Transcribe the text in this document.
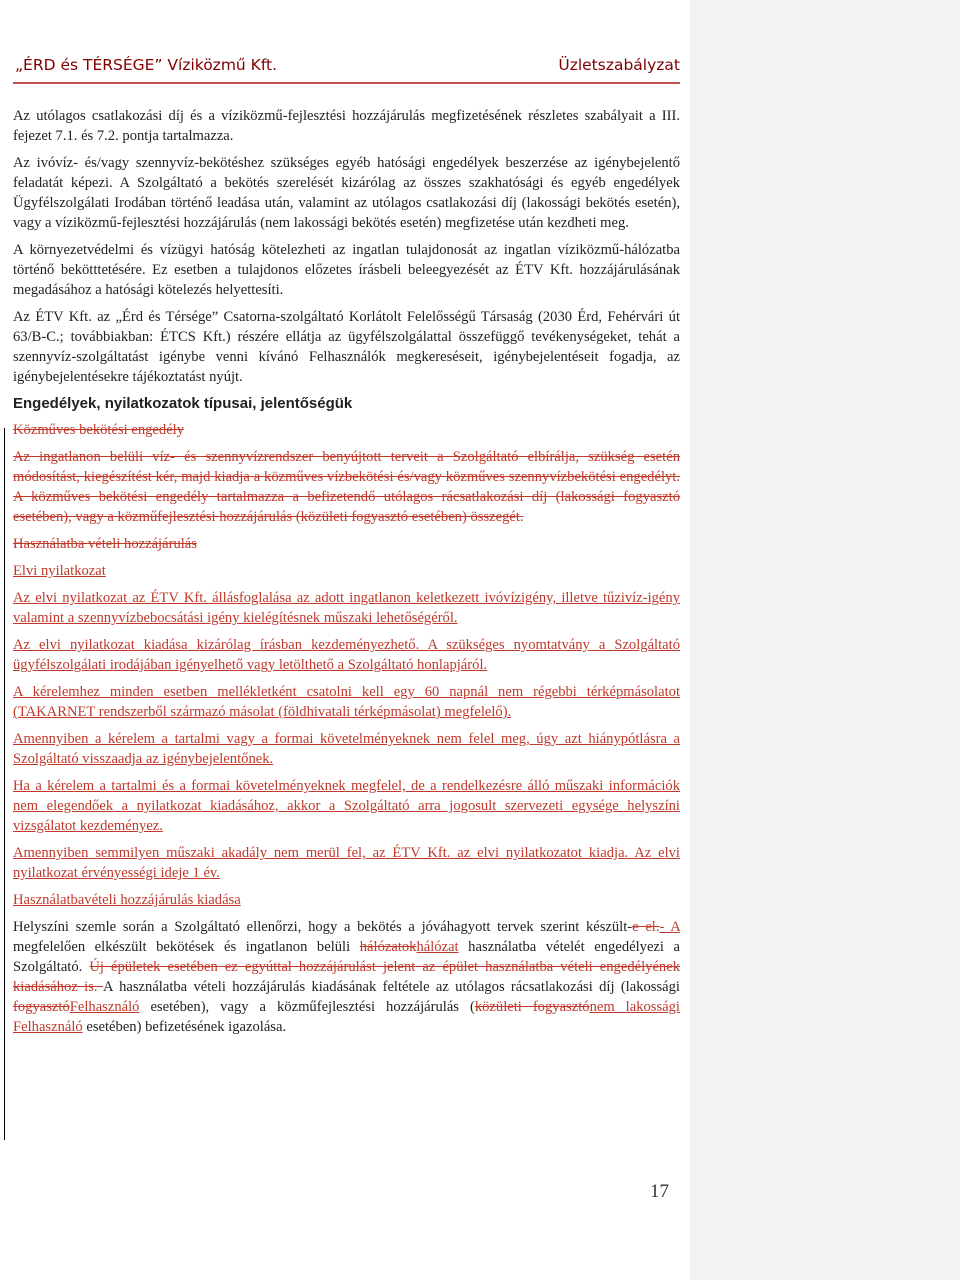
„ÉRD és TÉRSÉGE” Víziközmű Kft.	Üzletszabályzat

Az utólagos csatlakozási díj és a víziközmű-fejlesztési hozzájárulás megfizetésének részletes szabályait a III. fejezet 7.1. és 7.2. pontja tartalmazza.

Az ivóvíz- és/vagy szennyvíz-bekötéshez szükséges egyéb hatósági engedélyek beszerzése az igénybejelentő feladatát képezi. A Szolgáltató a bekötés szerelését kizárólag az összes szakhatósági és egyéb engedélyek Ügyfélszolgálati Irodában történő leadása után, valamint az utólagos csatlakozási díj (lakossági bekötés esetén), vagy a víziközmű-fejlesztési hozzájárulás (nem lakossági bekötés esetén) megfizetése után kezdheti meg.

A környezetvédelmi és vízügyi hatóság kötelezheti az ingatlan tulajdonosát az ingatlan víziközmű-hálózatba történő bekötttetésére. Ez esetben a tulajdonos előzetes írásbeli beleegyezését az ÉTV Kft. hozzájárulásának megadásához a hatósági kötelezés helyettesíti.

Az ÉTV Kft. az „Érd és Térsége” Csatorna-szolgáltató Korlátolt Felelősségű Társaság (2030 Érd, Fehérvári út 63/B-C.; továbbiakban: ÉTCS Kft.) részére ellátja az ügyfélszolgálattal összefüggő tevékenységeket, tehát a szennyvíz-szolgáltatást igénybe venni kívánó Felhasználók megkereséseit, igénybejelentéseit fogadja, az igénybejelentésekre tájékoztatást nyújt.

Engedélyek, nyilatkozatok típusai, jelentőségük

Közműves bekötési engedély

Az ingatlanon belüli víz- és szennyvízrendszer benyújtott terveit a Szolgáltató elbírálja, szükség esetén módosítást, kiegészítést kér, majd kiadja a közműves vízbekötési és/vagy közműves szennyvízbekötési engedélyt. A közműves bekötési engedély tartalmazza a befizetendő utólagos rácsatlakozási díj (lakossági fogyasztó esetében), vagy a közműfejlesztési hozzájárulás (közületi fogyasztó esetében) összegét.

Használatba vételi hozzájárulás

Elvi nyilatkozat

Az elvi nyilatkozat az ÉTV Kft. állásfoglalása az adott ingatlanon keletkezett ivóvízigény, illetve tűzivíz-igény valamint a szennyvízbebocsátási igény kielégítésnek műszaki lehetőségéről.

Az elvi nyilatkozat kiadása kizárólag írásban kezdeményezhető. A szükséges nyomtatvány a Szolgáltató ügyfélszolgálati irodájában igényelhető vagy letölthető a Szolgáltató honlapjáról.

A kérelemhez minden esetben mellékletként csatolni kell egy 60 napnál nem régebbi térképmásolatot (TAKARNET rendszerből származó másolat (földhivatali térképmásolat) megfelelő).

Amennyiben a kérelem a tartalmi vagy a formai követelményeknek nem felel meg, úgy azt hiánypótlásra a Szolgáltató visszaadja az igénybejelentőnek.

Ha a kérelem a tartalmi és a formai követelményeknek megfelel, de a rendelkezésre álló műszaki információk nem elegendőek a nyilatkozat kiadásához, akkor a Szolgáltató arra jogosult szervezeti egysége helyszíni vizsgálatot kezdeményez.

Amennyiben semmilyen műszaki akadály nem merül fel, az ÉTV Kft. az elvi nyilatkozatot kiadja. Az elvi nyilatkozat érvényességi ideje 1 év.

Használatbavételi hozzájárulás kiadása

Helyszíni szemle során a Szolgáltató ellenőrzi, hogy a bekötés a jóváhagyott tervek szerint készült-e el.- A megfelelően elkészült bekötések és ingatlanon belüli hálózatokhálózat használatba vételét engedélyezi a Szolgáltató. Új épületek esetében ez egyúttal hozzájárulást jelent az épület használatba vételi engedélyének kiadásához is. A használatba vételi hozzájárulás kiadásának feltétele az utólagos rácsatlakozási díj (lakossági fogyasztóFelhasználó esetében), vagy a közműfejlesztési hozzájárulás (közületi fogyasztónem lakossági Felhasználó esetében) befizetésének igazolása.

17
